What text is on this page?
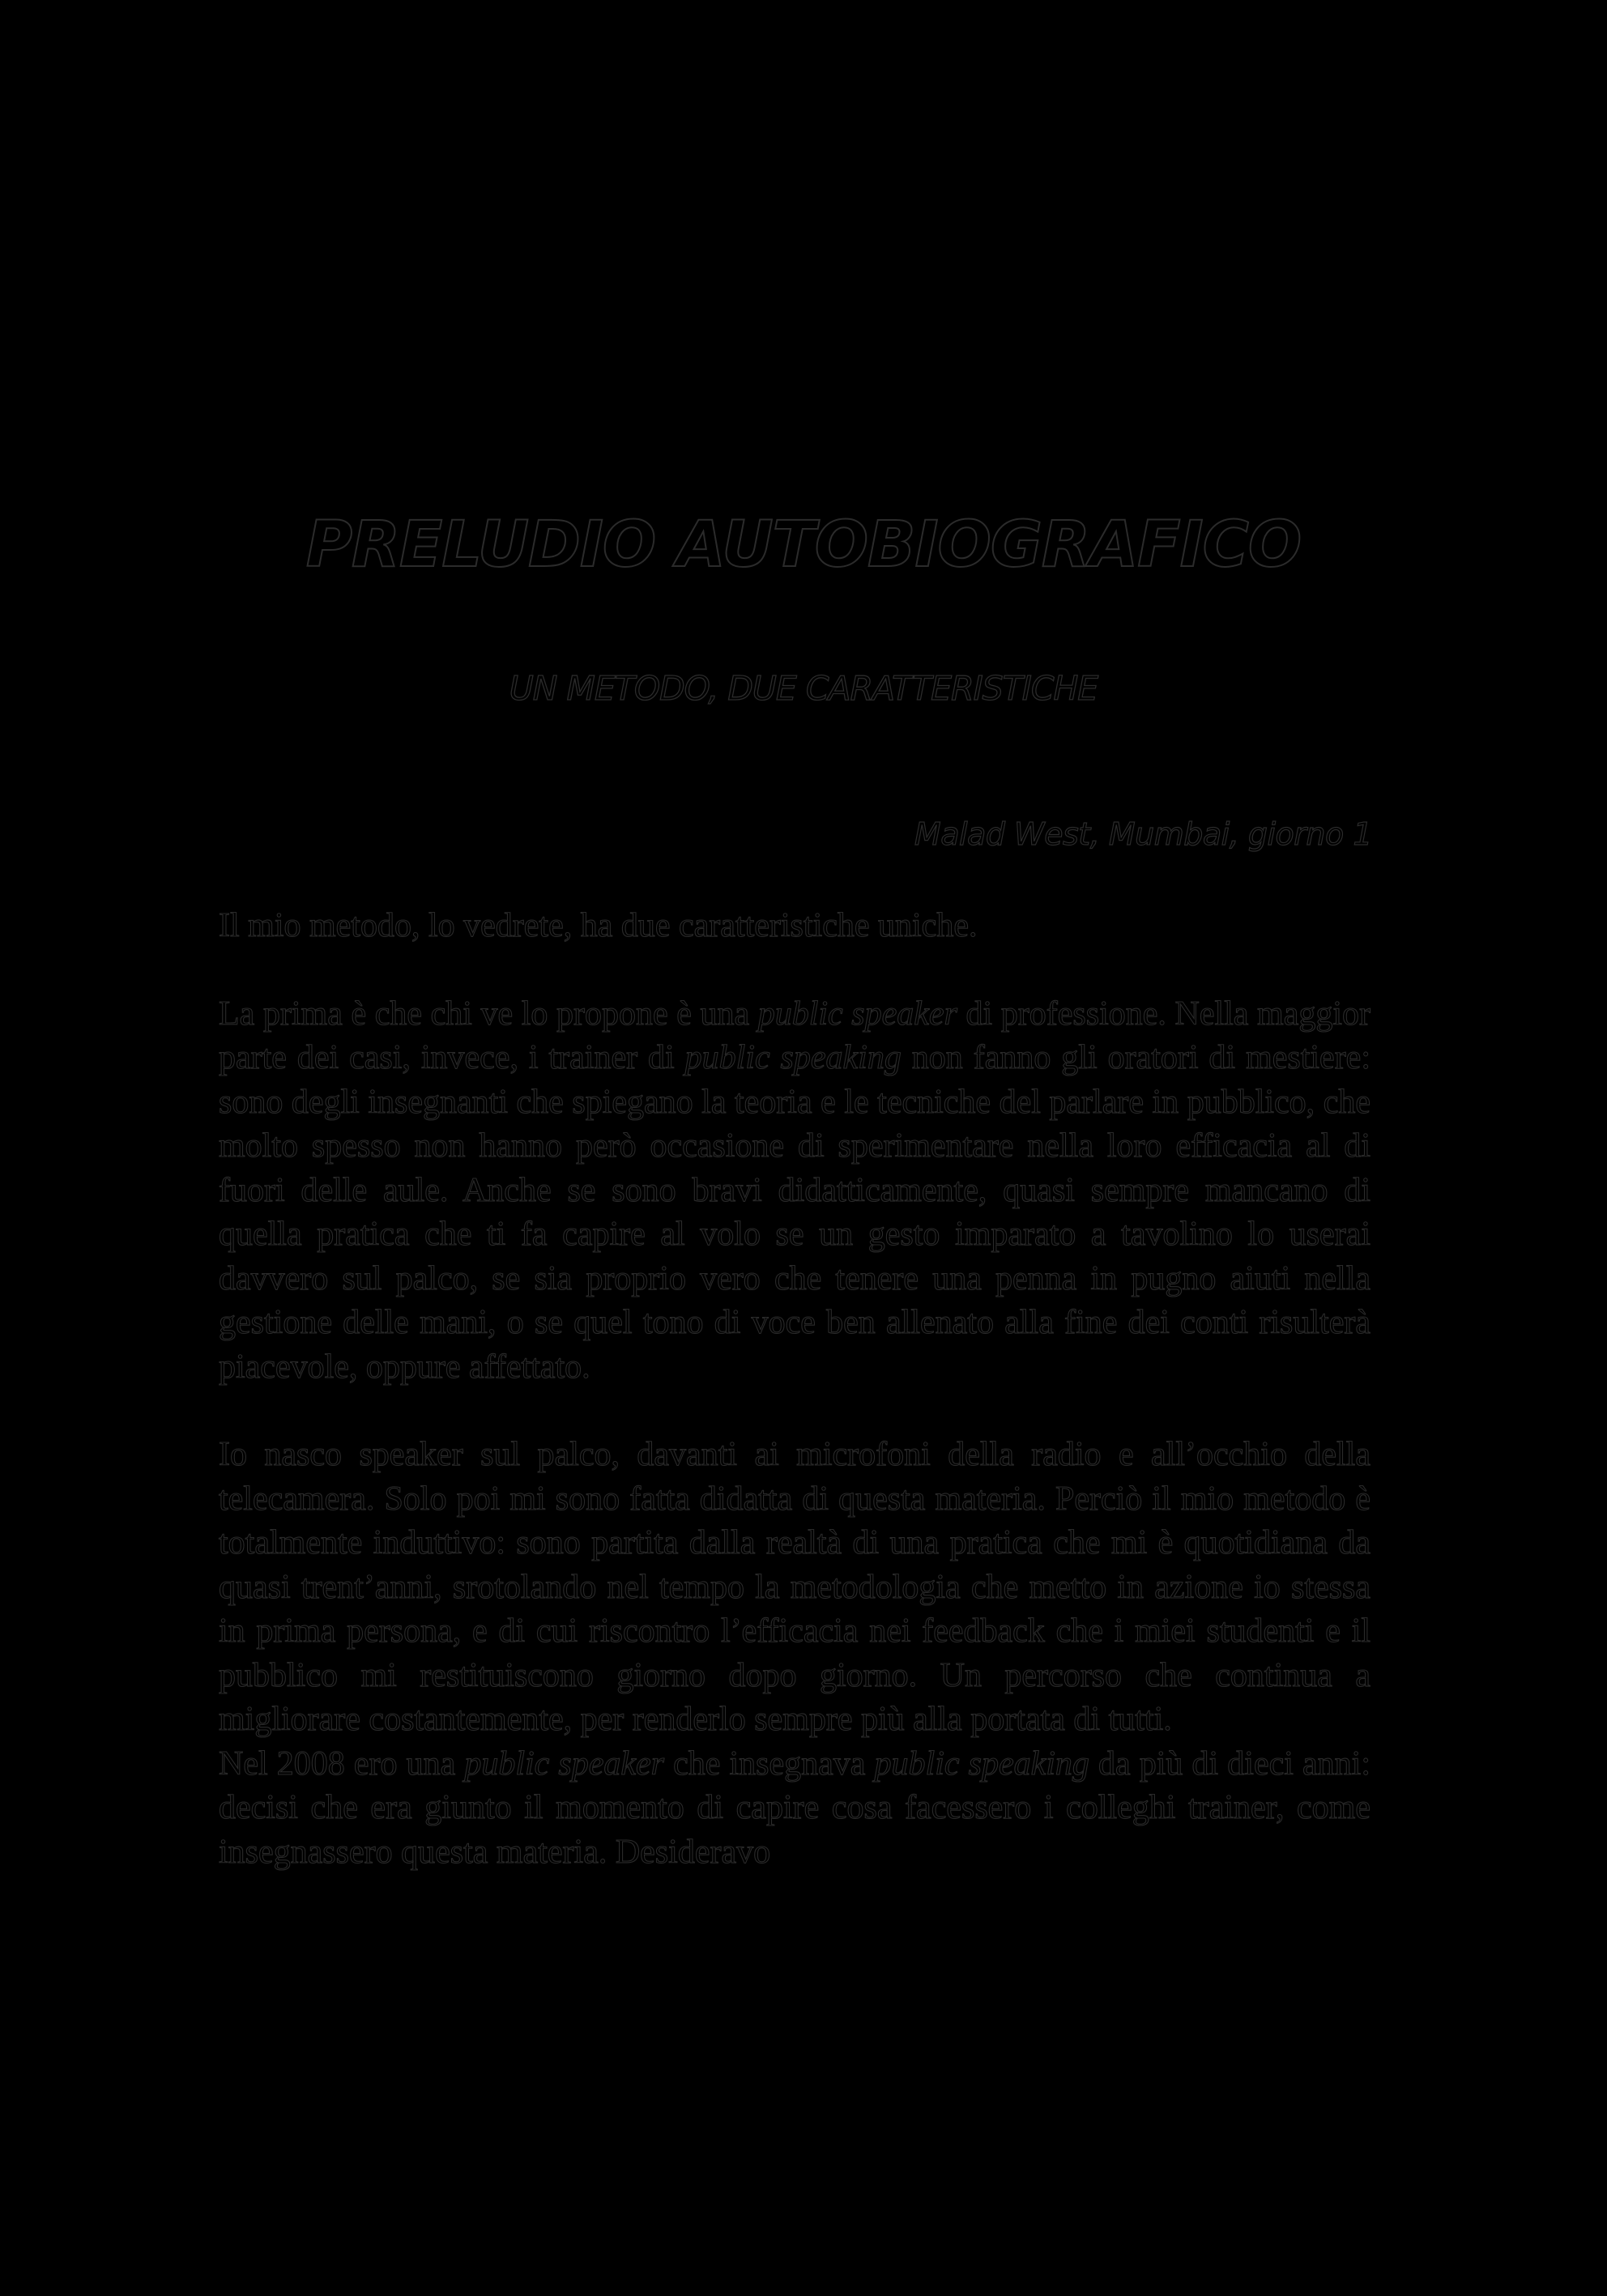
PRELUDIO AUTOBIOGRAFICO
UN METODO, DUE CARATTERISTICHE

Malad West, Mumbai, giorno 1

Il mio metodo, lo vedrete, ha due caratteristiche uniche.

La prima è che chi ve lo propone è una public speaker di professione. Nella maggior parte dei casi, invece, i trainer di public speaking non fanno gli oratori di mestiere: sono degli insegnanti che spiegano la teoria e le tecniche del parlare in pubblico, che molto spesso non hanno però occasione di sperimentare nella loro efficacia al di fuori delle aule. Anche se sono bravi didatticamente, quasi sempre mancano di quella pratica che ti fa capire al volo se un gesto imparato a tavolino lo userai davvero sul palco, se sia proprio vero che tenere una penna in pugno aiuti nella gestione delle mani, o se quel tono di voce ben allenato alla fine dei conti risulterà piacevole, oppure affettato.

Io nasco speaker sul palco, davanti ai microfoni della radio e all’occhio della telecamera. Solo poi mi sono fatta didatta di questa materia. Perciò il mio metodo è totalmente induttivo: sono partita dalla realtà di una pratica che mi è quotidiana da quasi trent’anni, srotolando nel tempo la metodologia che metto in azione io stessa in prima persona, e di cui riscontro l’efficacia nei feedback che i miei studenti e il pubblico mi restituiscono giorno dopo giorno. Un percorso che continua a migliorare costantemente, per renderlo sempre più alla portata di tutti.

Nel 2008 ero una public speaker che insegnava public speaking da più di dieci anni: decisi che era giunto il momento di capire cosa facessero i colleghi trainer, come insegnassero questa materia. Desideravo
